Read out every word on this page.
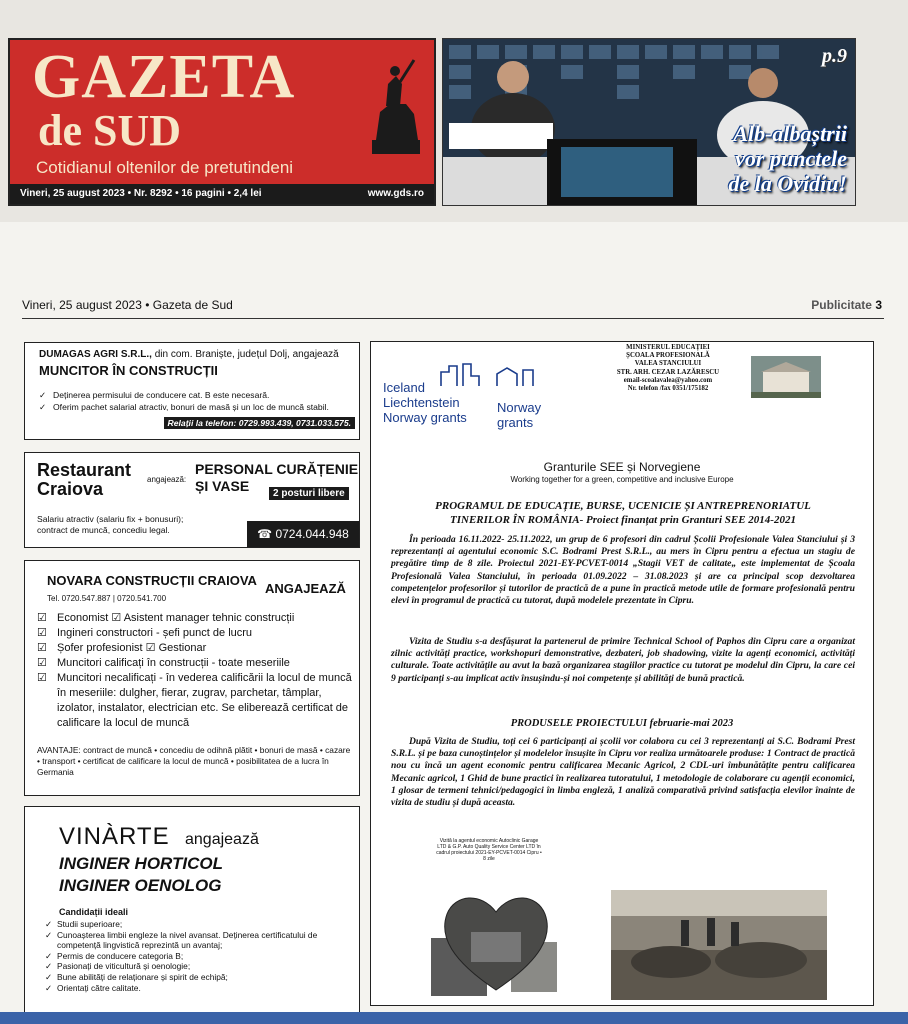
GAZETA
de SUD
Cotidianul oltenilor de pretutindeni
Vineri, 25 august 2023 • Nr. 8292 • 16 pagini • 2,4 lei	www.gds.ro
p.9
Alb-albaștrii
vor punctele
de la Ovidiu!
Vineri, 25 august 2023 • Gazeta de Sud	Publicitate 3
DUMAGAS AGRI S.R.L., din com. Braniște, județul Dolj, angajează
MUNCITOR ÎN CONSTRUCȚII
✓ Deținerea permisului de conducere cat. B este necesară.
✓ Oferim pachet salarial atractiv, bonuri de masă și un loc de muncă stabil.
Relații la telefon: 0729.993.439, 0731.033.575.
Restaurant
Craiova	angajează:
PERSONAL CURĂȚENIE
ȘI VASE	2 posturi libere
Salariu atractiv (salariu fix + bonusuri);
contract de muncă, concediu legal.	☎ 0724.044.948
NOVARA CONSTRUCȚII CRAIOVA
ANGAJEAZĂ
Tel. 0720.547.887 | 0720.541.700
☑ Economist ☑ Asistent manager tehnic construcții
☑ Ingineri constructori - șefi punct de lucru
☑ Șofer profesionist ☑ Gestionar
☑ Muncitori calificați în construcții - toate meseriile
☑ Muncitori necalificați - în vederea calificării la locul de muncă în meseriile: dulgher, fierar, zugrav, parchetar, tâmplar, izolator, instalator, electrician etc. Se eliberează certificat de calificare la locul de muncă
AVANTAJE: contract de muncă • concediu de odihnă plătit • bonuri de masă • cazare • transport • certificat de calificare la locul de muncă • posibilitatea de a lucra în Germania
VINÀRTE angajează
INGINER HORTICOL
INGINER OENOLOG
Candidații ideali
✓ Studii superioare;
✓ Cunoașterea limbii engleze la nivel avansat. Deținerea certificatului de competență lingvistică reprezintă un avantaj;
✓ Permis de conducere categoria B;
✓ Pasionați de viticultură și oenologie;
✓ Bune abilități de relaționare și spirit de echipă;
✓ Orientați către calitate.
Iceland
Liechtenstein
Norway grants
Norway
grants
MINISTERUL EDUCAȚIEI
ȘCOALA PROFESIONALĂ
VALEA STANCIULUI
STR. ARH. CEZAR LAZĂRESCU
email-scoalavalea@yahoo.com
Nr. telefon /fax 0351/175182
Granturile SEE și Norvegiene
Working together for a green, competitive and inclusive Europe
PROGRAMUL DE EDUCAȚIE, BURSE, UCENICIE ȘI ANTREPRENORIATUL TINERILOR ÎN ROMÂNIA- Proiect finanțat prin Granturi SEE 2014-2021
În perioada 16.11.2022- 25.11.2022, un grup de 6 profesori din cadrul Școlii Profesionale Valea Stanciului și 3 reprezentanți ai agentului economic S.C. Bodrami Prest S.R.L., au mers în Cipru pentru a efectua un stagiu de pregătire timp de 8 zile. Proiectul 2021-EY-PCVET-0014 „Stagii VET de calitate„ este implementat de Școala Profesională Valea Stanciului, în perioada 01.09.2022 – 31.08.2023 și are ca principal scop dezvoltarea competențelor profesorilor și tutorilor de practică de a pune în practică metode utile de formare profesională pentru elevi în programul de practică cu tutorat, după modelele prezentate în Cipru.
Vizita de Studiu s-a desfășurat la partenerul de primire Technical School of Paphos din Cipru care a organizat zilnic activități practice, workshopuri demonstrative, dezbateri, job shadowing, vizite la agenți economici, activități culturale. Toate activitățile au avut la bază organizarea stagiilor practice cu tutorat pe modelul din Cipru, la care cei 9 participanți s-au implicat activ însușindu-și noi competențe și abilități de bună practică.
PRODUSELE PROIECTULUI februarie-mai 2023
După Vizita de Studiu, toți cei 6 participanți ai școlii vor colabora cu cei 3 reprezentanți ai S.C. Bodrami Prest S.R.L. și pe baza cunoștințelor și modelelor însușite în Cipru vor realiza următoarele produse: 1 Contract de practică nou cu încă un agent economic pentru calificarea Mecanic Agricol, 2 CDL-uri îmbunătățite pentru calificarea Mecanic agricol, 1 Ghid de bune practici în realizarea tutoratului, 1 metodologie de colaborare cu agenții economici, 1 glosar de termeni tehnici/pedagogici în limba engleză, 1 analiză comparativă privind satisfacția elevilor înainte de vizita de studiu și după aceasta.
Vizită la agentul economic Autoclinic Garage LTD & G.P. Auto Quality Service Center LTD în cadrul proiectului 2021-EY-PCVET-0014 Cipru • 8 zile
